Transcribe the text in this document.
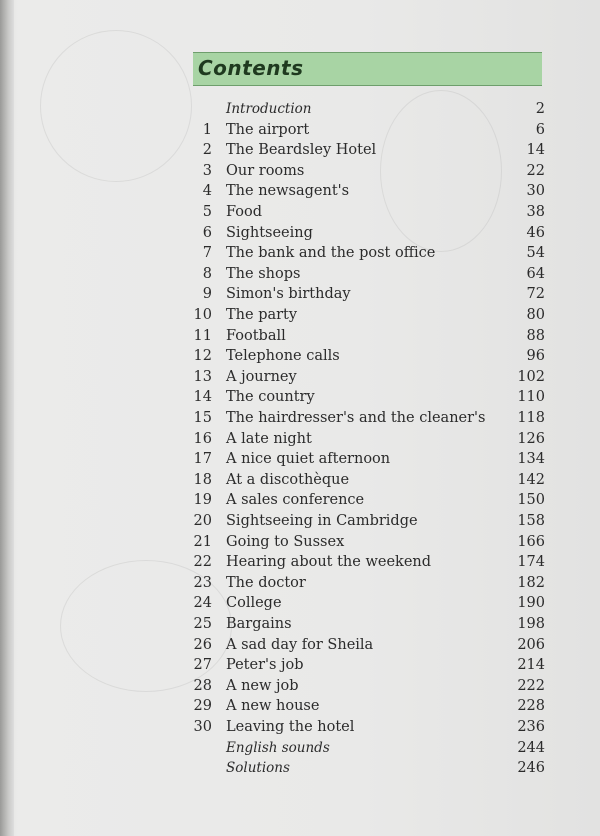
Contents
Introduction	2
1 The airport	6
2 The Beardsley Hotel	14
3 Our rooms	22
4 The newsagent's	30
5 Food	38
6 Sightseeing	46
7 The bank and the post office	54
8 The shops	64
9 Simon's birthday	72
10 The party	80
11 Football	88
12 Telephone calls	96
13 A journey	102
14 The country	110
15 The hairdresser's and the cleaner's 118
16 A late night	126
17 A nice quiet afternoon	134
18 At a discothèque	142
19 A sales conference	150
20 Sightseeing in Cambridge	158
21 Going to Sussex	166
22 Hearing about the weekend	174
23 The doctor	182
24 College	190
25 Bargains	198
26 A sad day for Sheila	206
27 Peter's job	214
28 A new job	222
29 A new house	228
30 Leaving the hotel	236
English sounds	244
Solutions	246
